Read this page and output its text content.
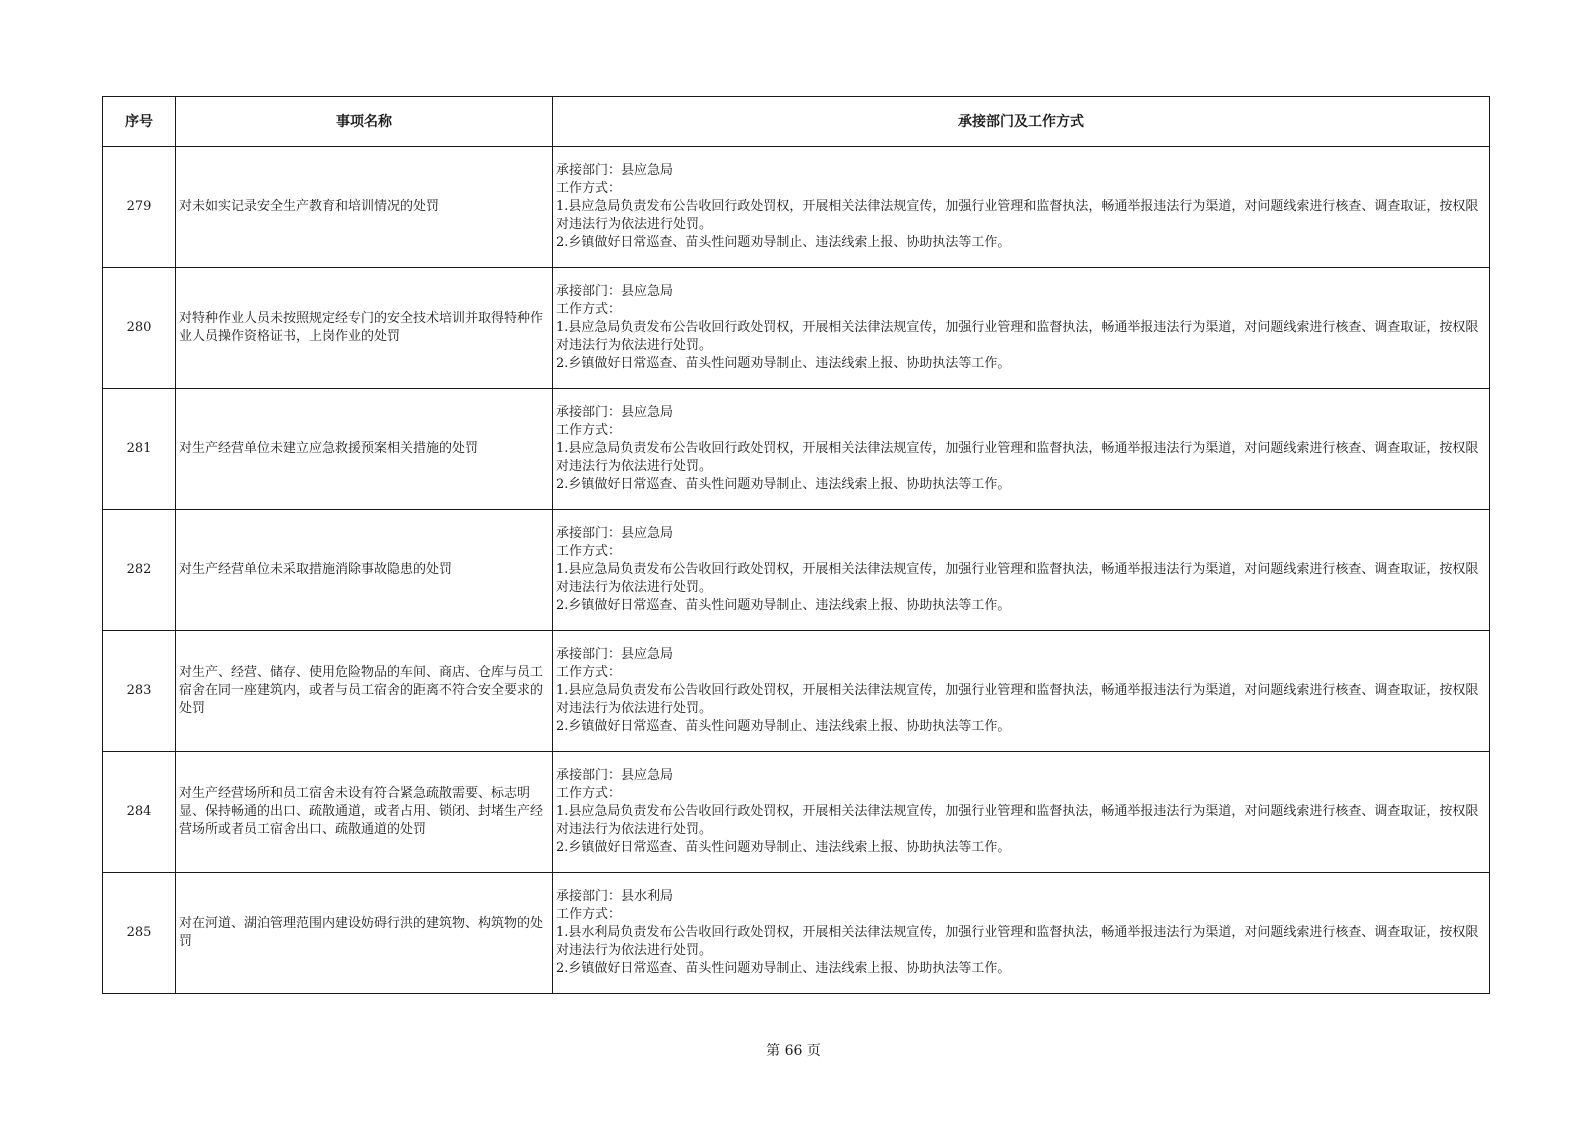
序号	事项名称	承接部门及工作方式
279	对未如实记录安全生产教育和培训情况的处罚	承接部门：县应急局
工作方式：
1.县应急局负责发布公告收回行政处罚权，开展相关法律法规宣传，加强行业管理和监督执法，畅通举报违法行为渠道，对问题线索进行核查、调查取证，按权限对违法行为依法进行处罚。
2.乡镇做好日常巡查、苗头性问题劝导制止、违法线索上报、协助执法等工作。

280	对特种作业人员未按照规定经专门的安全技术培训并取得特种作业人员操作资格证书，上岗作业的处罚	承接部门：县应急局
工作方式：
1.县应急局负责发布公告收回行政处罚权，开展相关法律法规宣传，加强行业管理和监督执法，畅通举报违法行为渠道，对问题线索进行核查、调查取证，按权限对违法行为依法进行处罚。
2.乡镇做好日常巡查、苗头性问题劝导制止、违法线索上报、协助执法等工作。

281	对生产经营单位未建立应急救援预案相关措施的处罚	承接部门：县应急局
工作方式：
1.县应急局负责发布公告收回行政处罚权，开展相关法律法规宣传，加强行业管理和监督执法，畅通举报违法行为渠道，对问题线索进行核查、调查取证，按权限对违法行为依法进行处罚。
2.乡镇做好日常巡查、苗头性问题劝导制止、违法线索上报、协助执法等工作。

282	对生产经营单位未采取措施消除事故隐患的处罚	承接部门：县应急局
工作方式：
1.县应急局负责发布公告收回行政处罚权，开展相关法律法规宣传，加强行业管理和监督执法，畅通举报违法行为渠道，对问题线索进行核查、调查取证，按权限对违法行为依法进行处罚。
2.乡镇做好日常巡查、苗头性问题劝导制止、违法线索上报、协助执法等工作。

283	对生产、经营、储存、使用危险物品的车间、商店、仓库与员工宿舍在同一座建筑内，或者与员工宿舍的距离不符合安全要求的处罚	承接部门：县应急局
工作方式：
1.县应急局负责发布公告收回行政处罚权，开展相关法律法规宣传，加强行业管理和监督执法，畅通举报违法行为渠道，对问题线索进行核查、调查取证，按权限对违法行为依法进行处罚。
2.乡镇做好日常巡查、苗头性问题劝导制止、违法线索上报、协助执法等工作。

284	对生产经营场所和员工宿舍未设有符合紧急疏散需要、标志明显、保持畅通的出口、疏散通道，或者占用、锁闭、封堵生产经营场所或者员工宿舍出口、疏散通道的处罚	承接部门：县应急局
工作方式：
1.县应急局负责发布公告收回行政处罚权，开展相关法律法规宣传，加强行业管理和监督执法，畅通举报违法行为渠道，对问题线索进行核查、调查取证，按权限对违法行为依法进行处罚。
2.乡镇做好日常巡查、苗头性问题劝导制止、违法线索上报、协助执法等工作。

285	对在河道、湖泊管理范围内建设妨碍行洪的建筑物、构筑物的处罚	承接部门：县水利局
工作方式：
1.县水利局负责发布公告收回行政处罚权，开展相关法律法规宣传，加强行业管理和监督执法，畅通举报违法行为渠道，对问题线索进行核查、调查取证，按权限对违法行为依法进行处罚。
2.乡镇做好日常巡查、苗头性问题劝导制止、违法线索上报、协助执法等工作。
第 66 页
